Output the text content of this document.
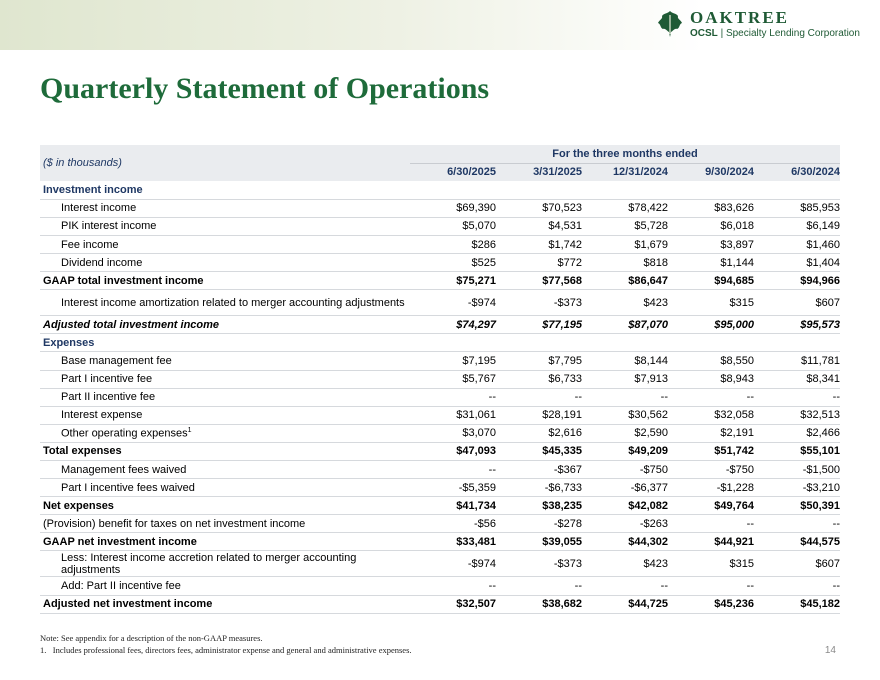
OAKTREE
OCSL | Specialty Lending Corporation
Quarterly Statement of Operations
($ in thousands)	For the three months ended				
	6/30/2025	3/31/2025	12/31/2024	9/30/2024	6/30/2024
Investment income					
Interest income	$69,390	$70,523	$78,422	$83,626	$85,953
PIK interest income	$5,070	$4,531	$5,728	$6,018	$6,149
Fee income	$286	$1,742	$1,679	$3,897	$1,460
Dividend income	$525	$772	$818	$1,144	$1,404
GAAP total investment income	$75,271	$77,568	$86,647	$94,685	$94,966
Interest income amortization related to merger accounting adjustments	-$974	-$373	$423	$315	$607
Adjusted total investment income	$74,297	$77,195	$87,070	$95,000	$95,573
Expenses					
Base management fee	$7,195	$7,795	$8,144	$8,550	$11,781
Part I incentive fee	$5,767	$6,733	$7,913	$8,943	$8,341
Part II incentive fee	--	--	--	--	--
Interest expense	$31,061	$28,191	$30,562	$32,058	$32,513
Other operating expenses$^1$	$3,070	$2,616	$2,590	$2,191	$2,466
Total expenses	$47,093	$45,335	$49,209	$51,742	$55,101
Management fees waived	--	-$367	-$750	-$750	-$1,500
Part I incentive fees waived	-$5,359	-$6,733	-$6,377	-$1,228	-$3,210
Net expenses	$41,734	$38,235	$42,082	$49,764	$50,391
(Provision) benefit for taxes on net investment income	-$56	-$278	-$263	--	--
GAAP net investment income	$33,481	$39,055	$44,302	$44,921	$44,575
Less: Interest income accretion related to merger accounting adjustments	-$974	-$373	$423	$315	$607
Add: Part II incentive fee	--	--	--	--	--
Adjusted net investment income	$32,507	$38,682	$44,725	$45,236	$45,182
Note: See appendix for a description of the non-GAAP measures.
1.   Includes professional fees, directors fees, administrator expense and general and administrative expenses.	14
